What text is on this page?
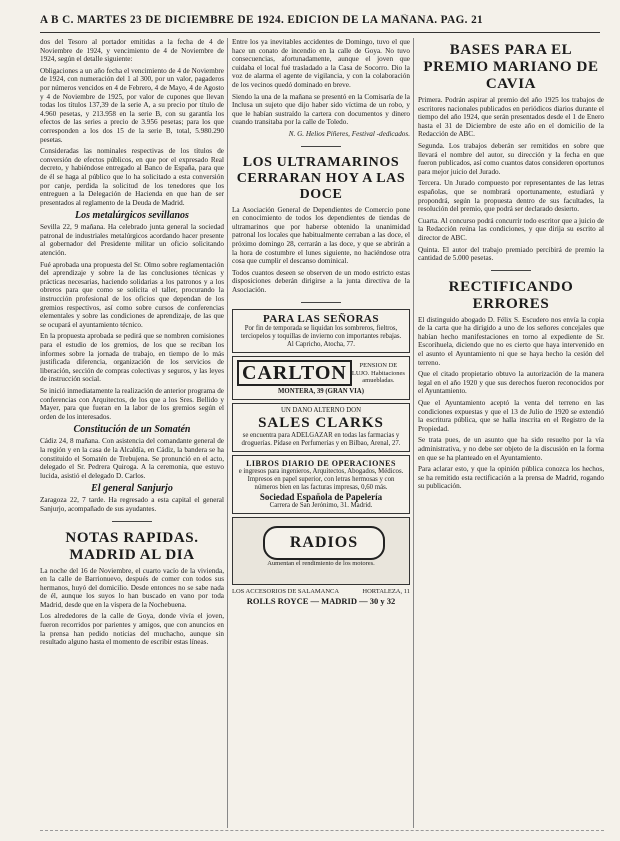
A B C. MARTES 23 DE DICIEMBRE DE 1924. EDICION DE LA MAÑANA. PAG. 21

dos del Tesoro al portador emitidas a la fecha de 4 de Noviembre de 1924, y vencimiento de 4 de Noviembre de 1924, según el detalle siguiente:

Obligaciones a un año fecha el vencimiento de 4 de Noviembre de 1924, con numeración del 1 al 300, por un valor, pagaderos por números vencidos en 4 de Febrero, 4 de Mayo, 4 de Agosto y 4 de Noviembre de 1925, por valor de cupones que llevan todas los títulos 137,39 de la serie A, a su precio por título de 4.960 pesetas, y 213.958 en la serie B, con su garantía los efectos de las series a precio de 3.956 pesetas; para los que corresponden a los dos 15 de la serie B, total, 5.980.290 pesetas.

Consideradas las nominales respectivas de los títulos de conversión de efectos públicos, en que por el expresado Real decreto, y habiéndose entregado al Banco de España, para que de él se haga al público que lo ha solicitado a esta conversión por canje, perdida la solicitud de los tenedores que los entreguen a la Delegación de Hacienda en que han de ser presentados al reglamento de la Deuda de Madrid.

Los metalúrgicos sevillanos

Sevilla 22, 9 mañana. Ha celebrado junta general la sociedad patronal de industriales metalúrgicos acordando hacer presente al gobernador del Presidente militar un oficio solicitando atención.

Fué aprobada una propuesta del Sr. Olmo sobre reglamentación del aprendizaje y sobre la de las conclusiones técnicas y prácticas necesarias, haciendo solidarias a los patronos y a los obreros para que como se solicita el taller, procurando la instrucción profesional de los oficios que dependan de los gremios respectivos, así como sobre cursos de conferencias elementales y sobre las condiciones de aprendizaje, de las que se ocupará el ayuntamiento técnico.

En la propuesta aprobada se pedirá que se nombren comisiones para el estudio de los gremios, de los que se reciban los informes sobre la jornada de trabajo, en tiempo de lo más justificada diferencia, organización de los servicios de liberación, sección de compras colectivas y seguros, y las leyes de instrucción social.

Se inició inmediatamente la realización de anterior programa de conferencias con Arquitectos, de los que a los Sres. Bellido y Mayer, para que fueran en la labor de los gremios según el orden de los interesados.

Constitución de un Somatén

Cádiz 24, 8 mañana. Con asistencia del comandante general de la región y en la casa de la Alcaldía, en Cádiz, la bandera se ha constituido el Somatén de Trebujena. Se pronunció en el acto, delegado el Sr. Pedrera Quiroga. A la ceremonia, que estuvo lucida, asistió el delegado D. Carlos.

El general Sanjurjo

Zaragoza 22, 7 tarde. Ha regresado a esta capital el general Sanjurjo, acompañado de sus ayudantes.

NOTAS RAPIDAS. MADRID AL DIA

La noche del 16 de Noviembre, el cuarto vacío de la vivienda, en la calle de Barrionuevo, después de comer con todos sus hermanos, huyó del domicilio. Desde entonces no se sabe nada de él, aunque los suyos lo han buscado en vano por toda Madrid, desde que en la víspera de la Nochebuena.

Los alrededores de la calle de Goya, donde vivía el joven, fueron recorridos por parientes y amigos, que con anuncios en la prensa han pedido noticias del muchacho, aunque sin resultado alguno hasta el momento de escribir estas líneas.

Entre los ya inevitables accidentes de Domingo, tuvo el que hace un conato de incendio en la calle de Goya. No tuvo consecuencias, afortunadamente, aunque el joven que cuidaba el local fué trasladado a la Casa de Socorro. Dio la voz de alarma el agente de vigilancia, y con la colaboración de los vecinos quedó dominado en breve.

Siendo la una de la mañana se presentó en la Comisaría de la Inclusa un sujeto que dijo haber sido víctima de un robo, y que le habían sustraído la cartera con documentos y dinero cuando transitaba por la calle de Toledo.

N. G. Helios Piñeres, Festival -dedicados.

LOS ULTRAMARINOS CERRARAN HOY A LAS DOCE

La Asociación General de Dependientes de Comercio pone en conocimiento de todos los dependientes de tiendas de ultramarinos que por haberse obtenido la unanimidad patronal los locales que habitualmente cerraban a las doce, el próximo domingo 28, cerrarán a las doce, y que se abrirán a la hora de costumbre el lunes siguiente, no haciéndose otra cosa que cumplir el descanso dominical.

Todos cuantos deseen se observen de un modo estricto estas disposiciones deberán dirigirse a la junta directiva de la Asociación.

PARA LAS SEÑORAS
Por fin de temporada se liquidan los sombreros, fieltros, terciopelos y toquillas de invierno con importantes rebajas. Al Capricho, Atocha, 77.
CARLTON	PENSION DE LUJO. Habitaciones amuebladas.
MONTERA, 39 (GRAN VIA)
UN DANO ALTERNO DON
SALES CLARKS
se encuentra para ADELGAZAR en todas las farmacias y droguerías. Pídase en Perfumerías y en Bilbao, Arenal, 27.
LIBROS DIARIO DE OPERACIONES
e ingresos para ingenieros, Arquitectos, Abogados, Médicos. Impresos en papel superior, con letras hermosas y con números bien en las facturas impresas, 0,60 más.
Sociedad Española de Papelería
Carrera de San Jerónimo, 31. Madrid.
RADIOS
Aumentan el rendimiento de los motores.
LOS ACCESORIOS DE SALAMANCA	HORTALEZA, 11
ROLLS ROYCE — MADRID — 30 y 32
BASES PARA EL PREMIO MARIANO DE CAVIA

Primera. Podrán aspirar al premio del año 1925 los trabajos de escritores nacionales publicados en periódicos diarios durante el tiempo del año 1924, que serán presentados desde el 1 de Enero hasta el 31 de Diciembre de este año en el domicilio de la Redacción de ABC.

Segunda. Los trabajos deberán ser remitidos en sobre que llevará el nombre del autor, su dirección y la fecha en que fueron publicados, así como cuantos datos consideren oportunos para mejor juicio del Jurado.

Tercera. Un Jurado compuesto por representantes de las letras españolas, que se nombrará oportunamente, estudiará y propondrá, según la propuesta dentro de sus facultades, la resolución del premio, que podrá ser declarado desierto.

Cuarta. Al concurso podrá concurrir todo escritor que a juicio de la Redacción reúna las condiciones, y que dirija su escrito al director de ABC.

Quinta. El autor del trabajo premiado percibirá de premio la cantidad de 5.000 pesetas.

RECTIFICANDO ERRORES

El distinguido abogado D. Félix S. Escudero nos envía la copia de la carta que ha dirigido a uno de los señores concejales que habían hecho manifestaciones en torno al expediente de Sr. Escorihuela, diciendo que no es cierto que haya intervenido en el asunto el Ayuntamiento ni que se haya hecho la cesión del terreno.

Que el citado propietario obtuvo la autorización de la manera legal en el año 1920 y que sus derechos fueron reconocidos por el Ayuntamiento.

Que el Ayuntamiento aceptó la venta del terreno en las condiciones expuestas y que el 13 de Julio de 1920 se extendió la escritura pública, que se halla inscrita en el Registro de la Propiedad.

Se trata pues, de un asunto que ha sido resuelto por la vía administrativa, y no debe ser objeto de la discusión en la forma en que se ha planteado en el Ayuntamiento.

Para aclarar esto, y que la opinión pública conozca los hechos, se ha remitido esta rectificación a la prensa de Madrid, rogando su publicación.
